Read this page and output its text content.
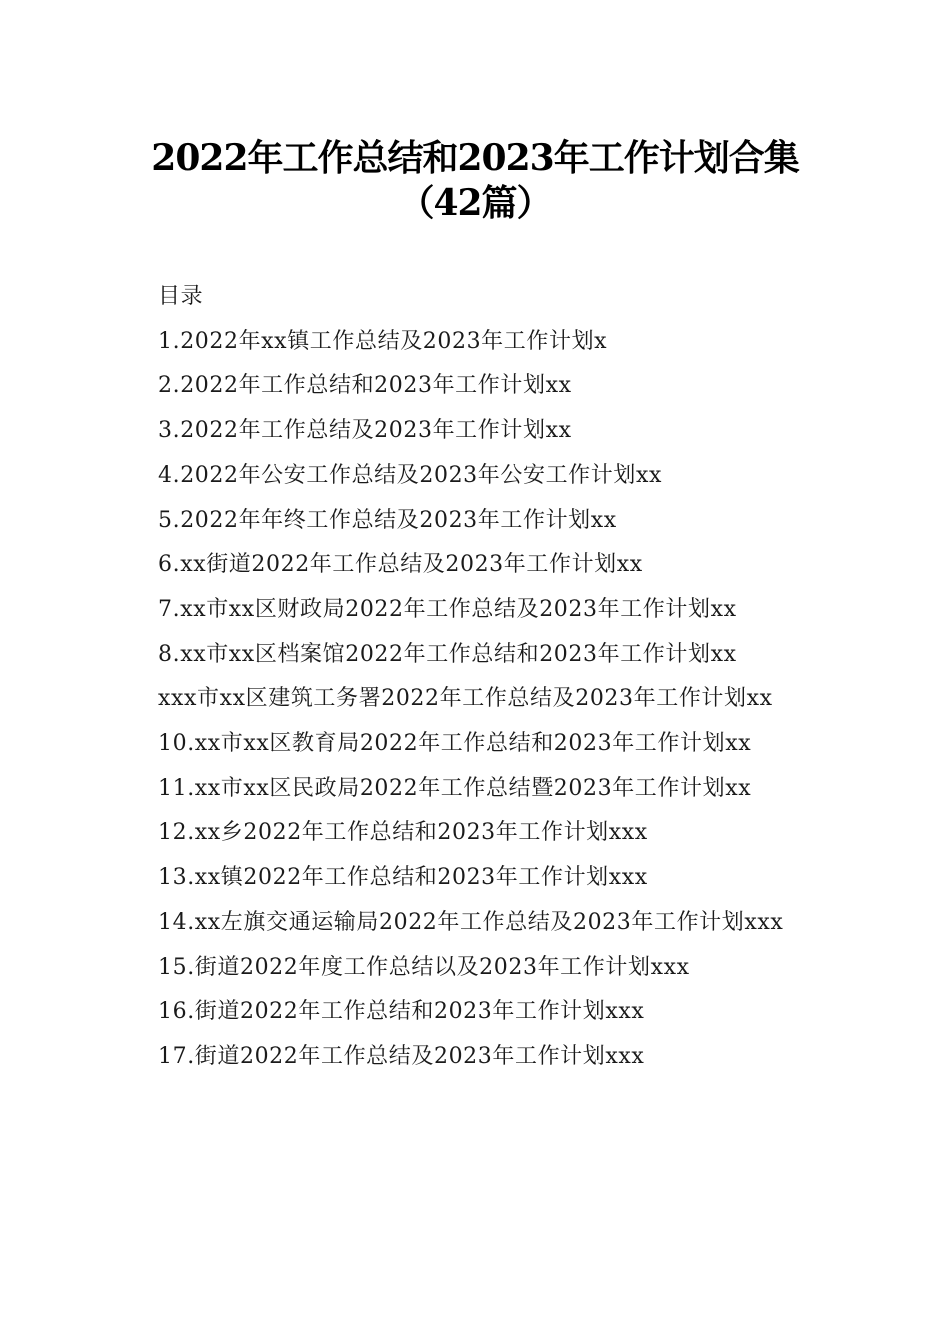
2022年工作总结和2023年工作计划合集（42篇）
目录
1.2022年xx镇工作总结及2023年工作计划x
2.2022年工作总结和2023年工作计划xx
3.2022年工作总结及2023年工作计划xx
4.2022年公安工作总结及2023年公安工作计划xx
5.2022年年终工作总结及2023年工作计划xx
6.xx街道2022年工作总结及2023年工作计划xx
7.xx市xx区财政局2022年工作总结及2023年工作计划xx
8.xx市xx区档案馆2022年工作总结和2023年工作计划xx
xxx市xx区建筑工务署2022年工作总结及2023年工作计划xx
10.xx市xx区教育局2022年工作总结和2023年工作计划xx
11.xx市xx区民政局2022年工作总结暨2023年工作计划xx
12.xx乡2022年工作总结和2023年工作计划xxx
13.xx镇2022年工作总结和2023年工作计划xxx
14.xx左旗交通运输局2022年工作总结及2023年工作计划xxx
15.街道2022年度工作总结以及2023年工作计划xxx
16.街道2022年工作总结和2023年工作计划xxx
17.街道2022年工作总结及2023年工作计划xxx
